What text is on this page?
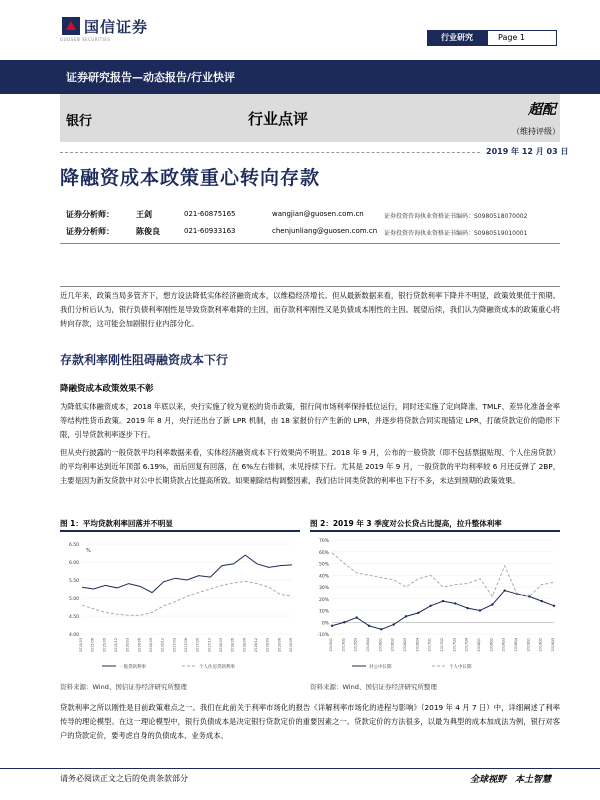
国信证券
GUOSEN SECURITIES	行业研究	Page 1
证券研究报告—动态报告/行业快评
银行	行业点评	超配
（维持评级）
2019 年 12 月 03 日
降融资成本政策重心转向存款
证券分析师：	王剑	021-60875165	wangjian@guosen.com.cn	证券投资咨询执业资格证书编码：S0980518070002
证券分析师：	陈俊良	021-60933163	chenjunliang@guosen.com.cn 证券投资咨询执业资格证书编码：S0980519010001
近几年来，政策当局多管齐下，想方设法降低实体经济融资成本，以维稳经济增长。但从最新数据来看，银行贷款利率下降并不明显，政策效果低于预期。我们分析后认为，银行负债利率刚性是导致贷款利率难降的主因，而存款利率刚性又是负债成本刚性的主因。展望后续，我们认为降融资成本的政策重心将转向存款，这可能会加剧银行业内部分化。
存款利率刚性阻碍融资成本下行
降融资成本政策效果不彰
为降低实体融资成本，2018 年底以来，央行实施了较为宽松的货币政策，银行间市场利率保持低位运行，同时还实施了定向降准、TMLF、差异化准备金率等结构性货币政策。2019 年 8 月，央行还出台了新 LPR 机制，由 18 家报价行产生新的 LPR，并逐步将贷款合同实现锚定 LPR，打破贷款定价的隐形下限，引导贷款利率逐步下行。
但从央行披露的一般贷款平均利率数据来看，实体经济融资成本下行效果尚不明显。2018 年 9 月，公布的一般贷款（即不包括票据贴现、个人住房贷款）的平均利率达到近年顶部 6.19%，而后回复有回落，在 6%左右徘徊，未见持续下行。尤其是 2019 年 9 月，一般贷款的平均利率较 6 月还反弹了 2BP，主要是因为新发贷款中对公中长期贷款占比提高所致。如果剔除结构调整因素，我们估计同类贷款的利率也下行不多，未达到预期的政策效果。
图 1：平均贷款利率回落并不明显
6.50
6.00
5.50
5.00
4.50
4.00
%
2015/03 2015/06 2015/09 2015/12 2016/03 2016/06 2016/09 2016/12 2017/03 2017/06 2017/09 2017/12 2018/03 2018/06 2018/09 2018/12 2019/03 2019/06 2019/09
一般贷款利率	个人住房贷款利率
资料来源：Wind、国信证券经济研究所整理
图 2：2019 年 3 季度对公长贷占比提高，拉升整体利率
70%
60%
50%
40%
30%
20%
10%
0%
-10%
2015Q1 2015Q2 2015Q3 2015Q4 2016Q1 2016Q2 2016Q3 2016Q4 2017Q1 2017Q2 2017Q3 2017Q4 2018Q1 2018Q2 2018Q3 2018Q4 2019Q1 2019Q2 2019Q3
对公中长期	个人中长期
资料来源：Wind、国信证券经济研究所整理
贷款利率之所以刚性是目前政策难点之一。我们在此前关于利率市场化的报告《详解利率市场化的进程与影响》（2019 年 4 月 7 日）中，详细阐述了利率传导的理论模型。在这一理论模型中，银行负债成本是决定银行贷款定价的重要因素之一。贷款定价的方法很多，以最为典型的成本加成法为例，银行对客户的贷款定价，要考虑自身的负债成本、业务成本、
请务必阅读正文之后的免责条款部分	全球视野　本土智慧
